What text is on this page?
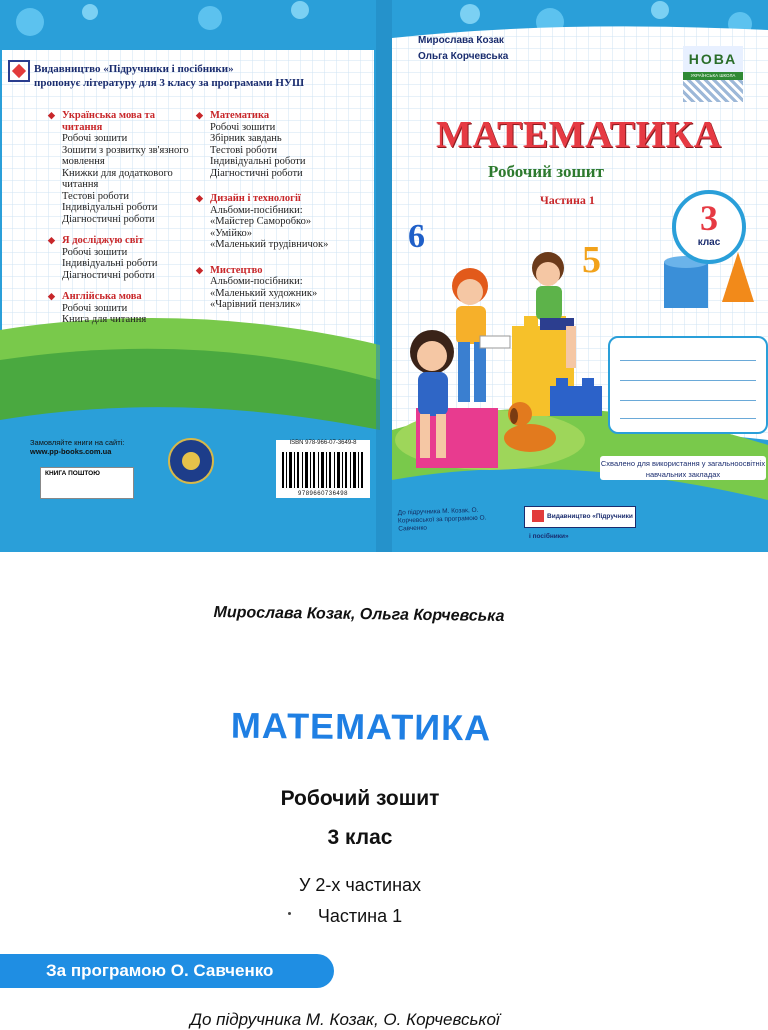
Видавництво «Підручники і посібники»
пропонує літературу для 3 класу за програмами НУШ
◆ Українська мова та читання
Робочі зошити
Зошити з розвитку зв'язного мовлення
Книжки для додаткового читання
Тестові роботи
Індивідуальні роботи
Діагностичні роботи
◆ Я досліджую світ
Робочі зошити
Індивідуальні роботи
Діагностичні роботи
◆ Англійська мова
Робочі зошити
Книга для читання
◆ Математика
Робочі зошити
Збірник завдань
Тестові роботи
Індивідуальні роботи
Діагностичні роботи
◆ Дизайн і технології
Альбоми-посібники:
«Майстер Саморобко»
«Умійко»
«Маленький трудівничок»
◆ Мистецтво
Альбоми-посібники:
«Маленький художник»
«Чарівний пензлик»
Замовляйте книги на сайті:
www.pp-books.com.ua
КНИГА ПОШТОЮ
ISBN 978-966-07-3649-8
9789660736498
Мирослава Козак
Ольга Корчевська	НОВА
УКРАЇНСЬКА ШКОЛА
МАТЕМАТИКА
Робочий зошит
Частина 1
6
5
3
клас
Схвалено для використання у загальноосвітніх навчальних закладах
До підручника М. Козак, О. Корчевської за програмою О. Савченко
Видавництво «Підручники і посібники»
Мирослава Козак, Ольга Корчевська
МАТЕМАТИКА
Робочий зошит
3 клас
У 2-х частинах
Частина 1
За програмою О. Савченко
До підручника М. Козак, О. Корчевської
